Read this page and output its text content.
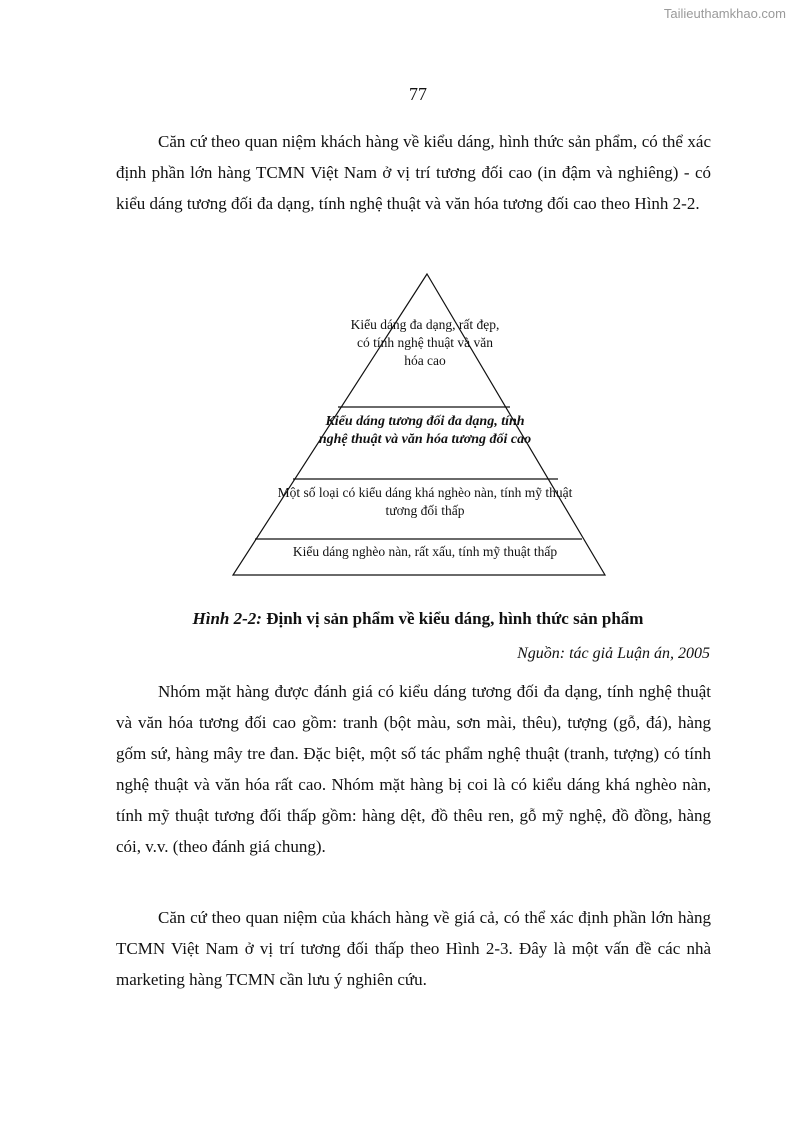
Tailieuthamkhao.com
77

Căn cứ theo quan niệm khách hàng về kiểu dáng, hình thức sản phẩm, có thể xác định phần lớn hàng TCMN Việt Nam ở vị trí tương đối cao (in đậm và nghiêng) - có kiểu dáng tương đối đa dạng, tính nghệ thuật và văn hóa tương đối cao theo Hình 2-2.

Kiểu dáng đa dạng, rất đẹp, có tính nghệ thuật và văn hóa cao

Kiểu dáng tương đối đa dạng, tính nghệ thuật và văn hóa tương đối cao

Một số loại có kiểu dáng khá nghèo nàn, tính mỹ thuật tương đối thấp

Kiểu dáng nghèo nàn, rất xấu, tính mỹ thuật thấp

Hình 2-2: Định vị sản phẩm về kiểu dáng, hình thức sản phẩm

Nguồn: tác giả Luận án, 2005

Nhóm mặt hàng được đánh giá có kiểu dáng tương đối đa dạng, tính nghệ thuật và văn hóa tương đối cao gồm: tranh (bột màu, sơn mài, thêu), tượng (gỗ, đá), hàng gốm sứ, hàng mây tre đan. Đặc biệt, một số tác phẩm nghệ thuật (tranh, tượng) có tính nghệ thuật và văn hóa rất cao. Nhóm mặt hàng bị coi là có kiểu dáng khá nghèo nàn, tính mỹ thuật tương đối thấp gồm: hàng dệt, đồ thêu ren, gỗ mỹ nghệ, đồ đồng, hàng cói, v.v. (theo đánh giá chung).

Căn cứ theo quan niệm của khách hàng về giá cả, có thể xác định phần lớn hàng TCMN Việt Nam ở vị trí tương đối thấp theo Hình 2-3. Đây là một vấn đề các nhà marketing hàng TCMN cần lưu ý nghiên cứu.
